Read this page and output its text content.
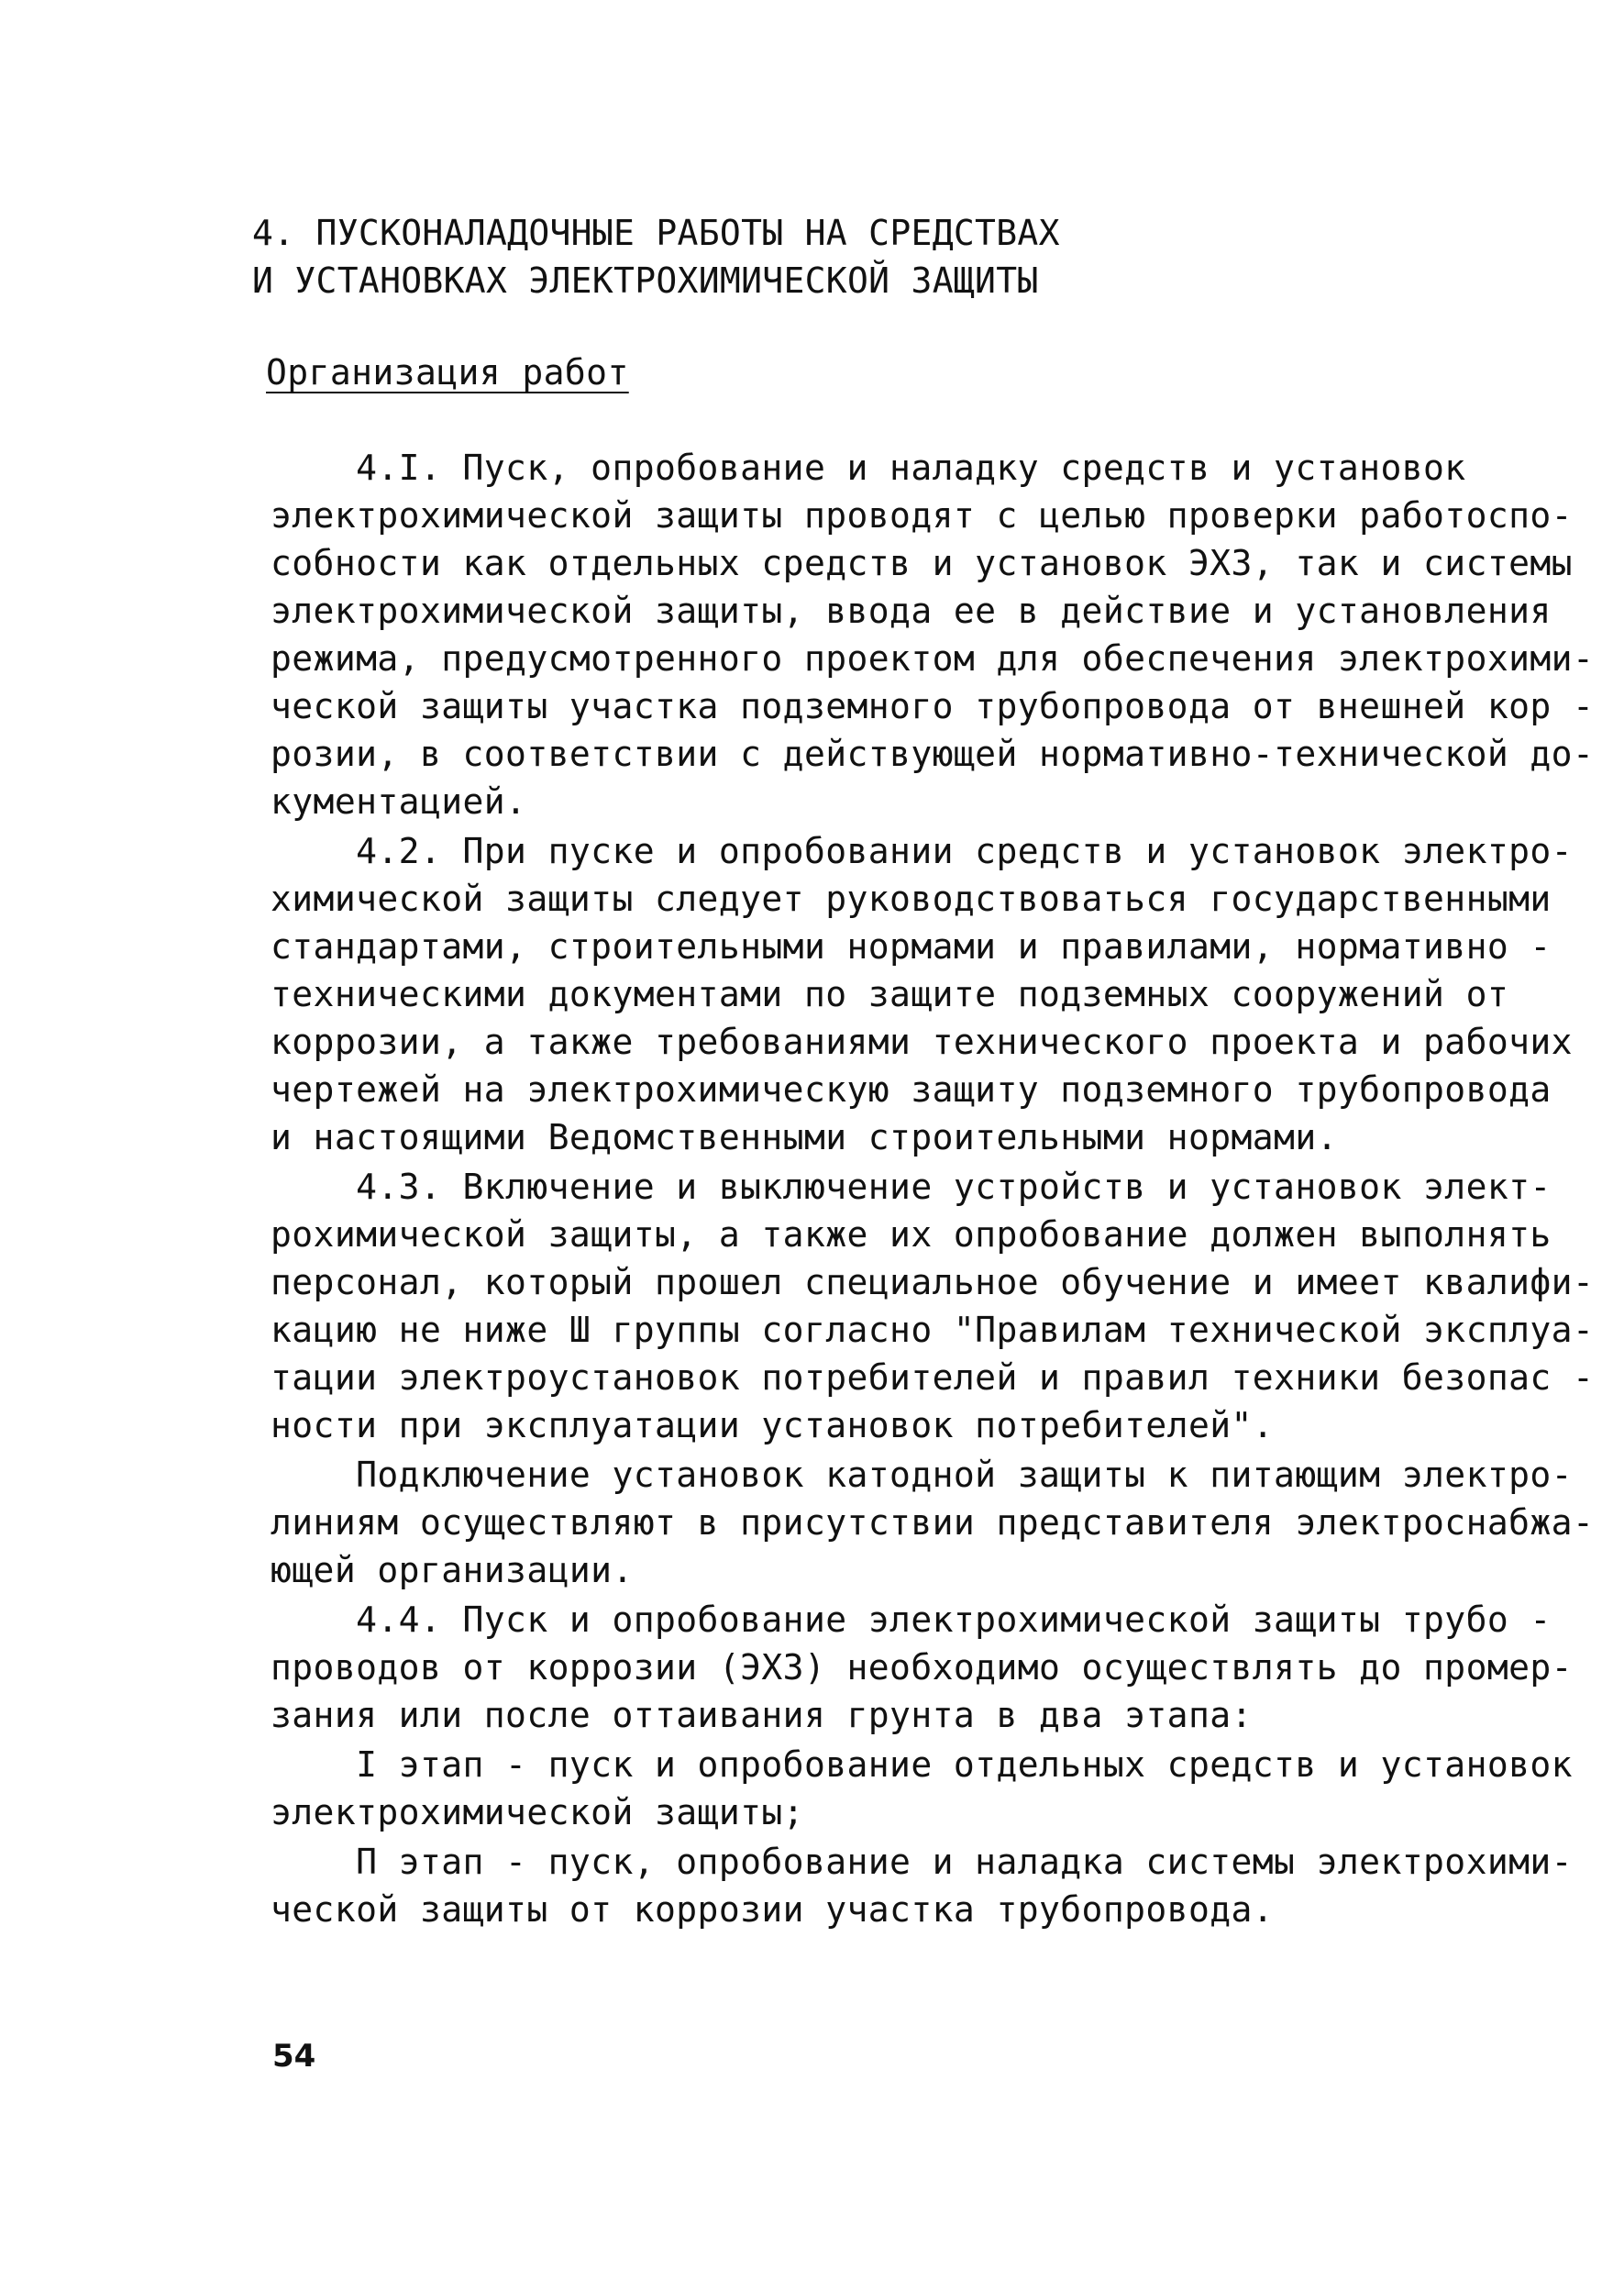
4. ПУСКОНАЛАДОЧНЫЕ РАБОТЫ НА СРЕДСТВАХ
И УСТАНОВКАХ ЭЛЕКТРОХИМИЧЕСКОЙ ЗАЩИТЫ
Организация работ
4.I. Пуск, опробование и наладку средств и установок
электрохимической защиты проводят с целью проверки работоспо-
собности как отдельных средств и установок ЭХЗ, так и системы
электрохимической защиты, ввода ее в действие и установления
режима, предусмотренного проектом для обеспечения электрохими-
ческой защиты участка подземного трубопровода от внешней кор -
розии, в соответствии с действующей нормативно-технической до-
кументацией.
4.2. При пуске и опробовании средств и установок электро-
химической защиты следует руководствоваться государственными
стандартами, строительными нормами и правилами, нормативно -
техническими документами по защите подземных сооружений от
коррозии, а также требованиями технического проекта и рабочих
чертежей на электрохимическую защиту подземного трубопровода
и настоящими Ведомственными строительными нормами.
4.3. Включение и выключение устройств и установок элект-
рохимической защиты, а также их опробование должен выполнять
персонал, который прошел специальное обучение и имеет квалифи-
кацию не ниже Ш группы согласно "Правилам технической эксплуа-
тации электроустановок потребителей и правил техники безопас -
ности при эксплуатации установок потребителей".
Подключение установок катодной защиты к питающим электро-
линиям осуществляют в присутствии представителя электроснабжа-
ющей организации.
4.4. Пуск и опробование электрохимической защиты трубо -
проводов от коррозии (ЭХЗ) необходимо осуществлять до промер-
зания или после оттаивания грунта в два этапа:
I этап - пуск и опробование отдельных средств и установок
электрохимической защиты;
П этап - пуск, опробование и наладка системы электрохими-
ческой защиты от коррозии участка трубопровода.
54
